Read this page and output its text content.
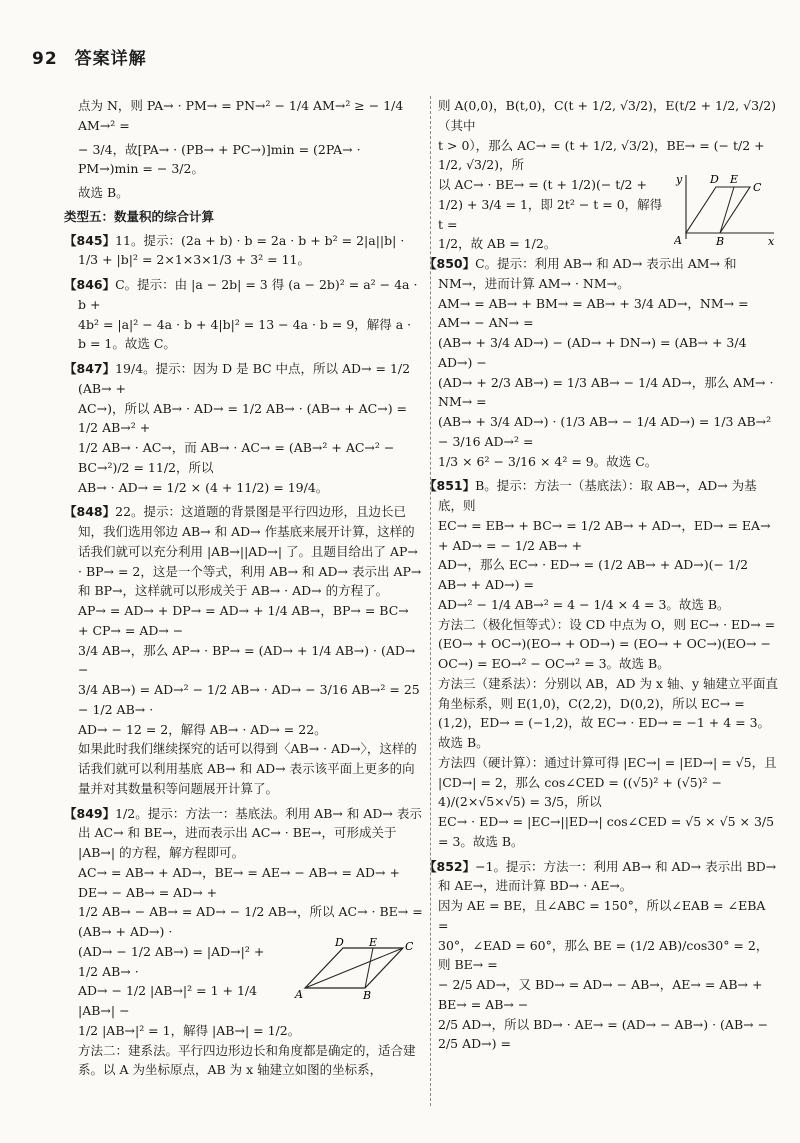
92 答案详解

点为 N，则 PA→ · PM→ = PN→² − 1/4 AM→² ≥ − 1/4 AM→² =

− 3/4，故[PA→ · (PB→ + PC→)]min = (2PA→ · PM→)min = − 3/2。

故选 B。

类型五：数量积的综合计算

【845】11。提示：(2a + b) · b = 2a · b + b² = 2|a||b| ·
1/3 + |b|² = 2×1×3×1/3 + 3² = 11。
【846】C。提示：由 |a − 2b| = 3 得 (a − 2b)² = a² − 4a · b +
4b² = |a|² − 4a · b + 4|b|² = 13 − 4a · b = 9，解得 a ·
b = 1。故选 C。
【847】19/4。提示：因为 D 是 BC 中点，所以 AD→ = 1/2 (AB→ +
AC→)，所以 AB→ · AD→ = 1/2 AB→ · (AB→ + AC→) = 1/2 AB→² +
1/2 AB→ · AC→，而 AB→ · AC→ = (AB→² + AC→² − BC→²)/2 = 11/2，所以
AB→ · AD→ = 1/2 × (4 + 11/2) = 19/4。
【848】22。提示：这道题的背景图是平行四边形，且边长已知，我们选用邻边 AB→ 和 AD→ 作基底来展开计算，这样的话我们就可以充分利用 |AB→||AD→| 了。且题目给出了 AP→ · BP→ = 2，这是一个等式，利用 AB→ 和 AD→ 表示出 AP→ 和 BP→，这样就可以形成关于 AB→ · AD→ 的方程了。
AP→ = AD→ + DP→ = AD→ + 1/4 AB→，BP→ = BC→ + CP→ = AD→ −
3/4 AB→，那么 AP→ · BP→ = (AD→ + 1/4 AB→) · (AD→ −
3/4 AB→) = AD→² − 1/2 AB→ · AD→ − 3/16 AB→² = 25 − 1/2 AB→ ·
AD→ − 12 = 2，解得 AB→ · AD→ = 22。
如果此时我们继续探究的话可以得到〈AB→ · AD→〉，这样的话我们就可以利用基底 AB→ 和 AD→ 表示该平面上更多的向量并对其数量积等问题展开计算了。
【849】1/2。提示：方法一：基底法。利用 AB→ 和 AD→ 表示出 AC→ 和 BE→，进而表示出 AC→ · BE→，可形成关于 |AB→| 的方程，解方程即可。
AC→ = AB→ + AD→，BE→ = AE→ − AB→ = AD→ + DE→ − AB→ = AD→ +
1/2 AB→ − AB→ = AD→ − 1/2 AB→，所以 AC→ · BE→ = (AB→ + AD→) ·
(AD→ − 1/2 AB→) = |AD→|² + 1/2 AB→ ·
AD→ − 1/2 |AB→|² = 1 + 1/4 |AB→| −
A	B
D E	C
1/2 |AB→|² = 1，解得 |AB→| = 1/2。
方法二：建系法。平行四边形边长和角度都是确定的，适合建系。以 A 为坐标原点，AB 为 x 轴建立如图的坐标系，
则 A(0,0)，B(t,0)，C(t + 1/2, √3/2)，E(t/2 + 1/2, √3/2)（其中
t > 0），那么 AC→ = (t + 1/2, √3/2)，BE→ = (− t/2 + 1/2, √3/2)，所
以 AC→ · BE→ = (t + 1/2)(− t/2 +
1/2) + 3/4 = 1，即 2t² − t = 0，解得 t =
1/2，故 AB = 1/2。
y
x
A	B
D E
C
【850】C。提示：利用 AB→ 和 AD→ 表示出 AM→ 和 NM→，进而计算 AM→ · NM→。
AM→ = AB→ + BM→ = AB→ + 3/4 AD→，NM→ = AM→ − AN→ =
(AB→ + 3/4 AD→) − (AD→ + DN→) = (AB→ + 3/4 AD→) −
(AD→ + 2/3 AB→) = 1/3 AB→ − 1/4 AD→，那么 AM→ · NM→ =
(AB→ + 3/4 AD→) · (1/3 AB→ − 1/4 AD→) = 1/3 AB→² − 3/16 AD→² =
1/3 × 6² − 3/16 × 4² = 9。故选 C。
【851】B。提示：方法一（基底法）：取 AB→，AD→ 为基底，则
EC→ = EB→ + BC→ = 1/2 AB→ + AD→，ED→ = EA→ + AD→ = − 1/2 AB→ +
AD→，那么 EC→ · ED→ = (1/2 AB→ + AD→)(− 1/2 AB→ + AD→) =
AD→² − 1/4 AB→² = 4 − 1/4 × 4 = 3。故选 B。
方法二（极化恒等式）：设 CD 中点为 O，则 EC→ · ED→ = (EO→ + OC→)(EO→ + OD→) = (EO→ + OC→)(EO→ − OC→) = EO→² − OC→² = 3。故选 B。
方法三（建系法）：分别以 AB，AD 为 x 轴、y 轴建立平面直角坐标系，则 E(1,0)，C(2,2)，D(0,2)，所以 EC→ = (1,2)，ED→ = (−1,2)，故 EC→ · ED→ = −1 + 4 = 3。故选 B。
方法四（硬计算）：通过计算可得 |EC→| = |ED→| = √5，且 |CD→| = 2，那么 cos∠CED = ((√5)² + (√5)² − 4)/(2×√5×√5) = 3/5，所以
EC→ · ED→ = |EC→||ED→| cos∠CED = √5 × √5 × 3/5 = 3。故选 B。
【852】−1。提示：方法一：利用 AB→ 和 AD→ 表示出 BD→ 和 AE→，进而计算 BD→ · AE→。
因为 AE = BE，且∠ABC = 150°，所以∠EAB = ∠EBA =
30°，∠EAD = 60°，那么 BE = (1/2 AB)/cos30° = 2，则 BE→ =
− 2/5 AD→，又 BD→ = AD→ − AB→，AE→ = AB→ + BE→ = AB→ −
2/5 AD→，所以 BD→ · AE→ = (AD→ − AB→) · (AB→ − 2/5 AD→) =
